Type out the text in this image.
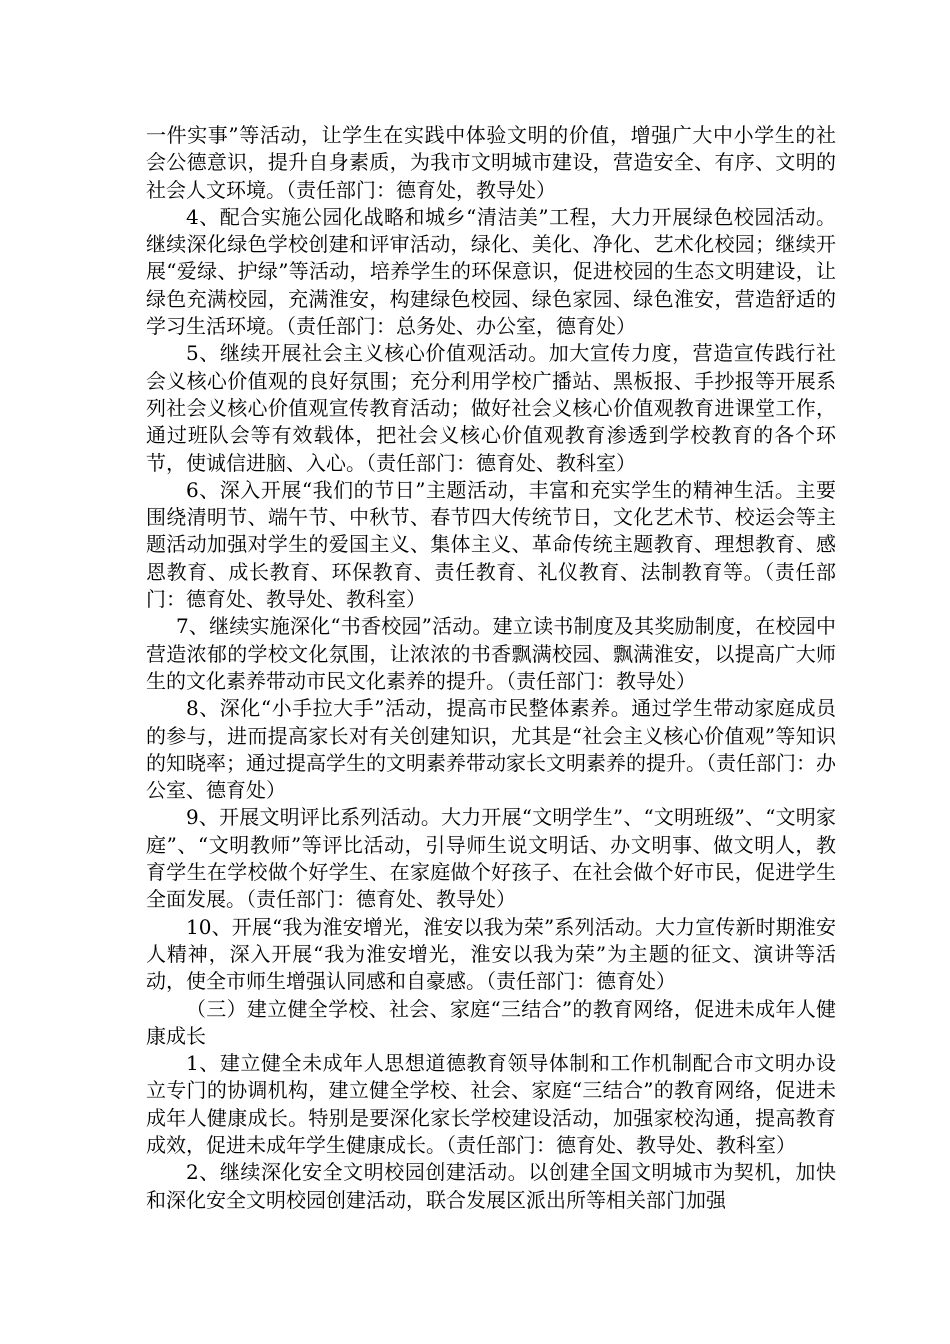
一件实事”等活动，让学生在实践中体验文明的价值，增强广大中小学生的社会公德意识，提升自身素质，为我市文明城市建设，营造安全、有序、文明的社会人文环境。（责任部门：德育处，教导处）

4、配合实施公园化战略和城乡“清洁美”工程，大力开展绿色校园活动。继续深化绿色学校创建和评审活动，绿化、美化、净化、艺术化校园；继续开展“爱绿、护绿”等活动，培养学生的环保意识，促进校园的生态文明建设，让绿色充满校园，充满淮安，构建绿色校园、绿色家园、绿色淮安，营造舒适的学习生活环境。（责任部门：总务处、办公室，德育处）

5、继续开展社会主义核心价值观活动。加大宣传力度，营造宣传践行社会义核心价值观的良好氛围；充分利用学校广播站、黑板报、手抄报等开展系列社会义核心价值观宣传教育活动；做好社会义核心价值观教育进课堂工作，通过班队会等有效载体，把社会义核心价值观教育渗透到学校教育的各个环节，使诚信进脑、入心。（责任部门：德育处、教科室）

6、深入开展“我们的节日”主题活动，丰富和充实学生的精神生活。主要围绕清明节、端午节、中秋节、春节四大传统节日，文化艺术节、校运会等主题活动加强对学生的爱国主义、集体主义、革命传统主题教育、理想教育、感恩教育、成长教育、环保教育、责任教育、礼仪教育、法制教育等。（责任部门：德育处、教导处、教科室）

7、继续实施深化“书香校园”活动。建立读书制度及其奖励制度，在校园中营造浓郁的学校文化氛围，让浓浓的书香飘满校园、飘满淮安，以提高广大师生的文化素养带动市民文化素养的提升。（责任部门：教导处）

8、深化“小手拉大手”活动，提高市民整体素养。通过学生带动家庭成员的参与，进而提高家长对有关创建知识，尤其是“社会主义核心价值观”等知识的知晓率；通过提高学生的文明素养带动家长文明素养的提升。（责任部门：办公室、德育处）

9、开展文明评比系列活动。大力开展“文明学生”、“文明班级”、“文明家庭”、“文明教师”等评比活动，引导师生说文明话、办文明事、做文明人，教育学生在学校做个好学生、在家庭做个好孩子、在社会做个好市民，促进学生全面发展。（责任部门：德育处、教导处）

10、开展“我为淮安增光，淮安以我为荣”系列活动。大力宣传新时期淮安人精神，深入开展“我为淮安增光，淮安以我为荣”为主题的征文、演讲等活动，使全市师生增强认同感和自豪感。（责任部门：德育处）

（三）建立健全学校、社会、家庭“三结合”的教育网络，促进未成年人健康成长

1、建立健全未成年人思想道德教育领导体制和工作机制配合市文明办设立专门的协调机构，建立健全学校、社会、家庭“三结合”的教育网络，促进未成年人健康成长。特别是要深化家长学校建设活动，加强家校沟通，提高教育成效，促进未成年学生健康成长。（责任部门：德育处、教导处、教科室）

2、继续深化安全文明校园创建活动。以创建全国文明城市为契机，加快和深化安全文明校园创建活动，联合发展区派出所等相关部门加强
